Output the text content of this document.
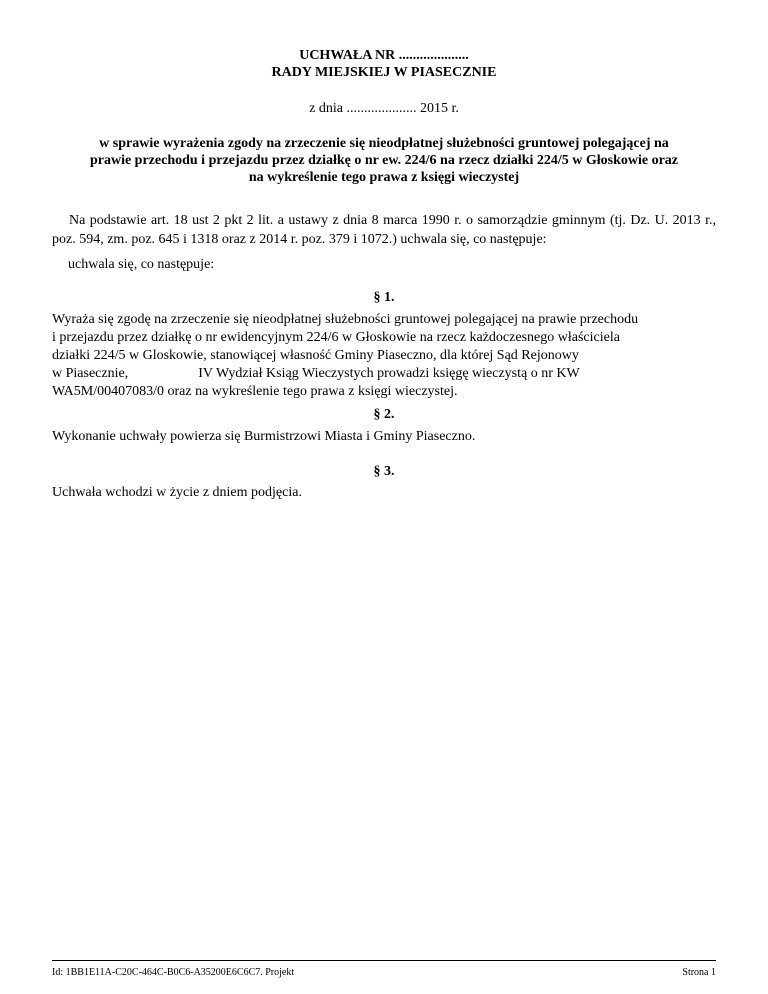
UCHWAŁA NR ....................
RADY MIEJSKIEJ W PIASECZNIE
z dnia .................... 2015 r.
w sprawie wyrażenia zgody na zrzeczenie się nieodpłatnej służebności gruntowej polegającej na
prawie przechodu i przejazdu przez działkę o nr ew. 224/6 na rzecz działki 224/5 w Głoskowie oraz
na wykreślenie tego prawa z księgi wieczystej
Na podstawie art. 18 ust 2 pkt 2 lit. a ustawy z dnia 8 marca 1990 r. o samorządzie gminnym (tj. Dz. U. 2013 r., poz. 594, zm. poz. 645 i 1318 oraz z 2014 r. poz. 379 i 1072.) uchwala się, co następuje:
uchwala się, co następuje:
§ 1.
Wyraża się zgodę na zrzeczenie się nieodpłatnej służebności gruntowej polegającej na prawie przechodu
i przejazdu przez działkę o nr ewidencyjnym 224/6 w Głoskowie na rzecz każdoczesnego właściciela
działki 224/5 w Gloskowie, stanowiącej własność Gminy Piaseczno, dla której Sąd Rejonowy
w Piasecznie,                    IV Wydział Ksiąg Wieczystych prowadzi księgę wieczystą o nr KW
WA5M/00407083/0 oraz na wykreślenie tego prawa z księgi wieczystej.
§ 2.
Wykonanie uchwały powierza się Burmistrzowi Miasta i Gminy Piaseczno.
§ 3.
Uchwała wchodzi w życie z dniem podjęcia.
Id: 1BB1E11A-C20C-464C-B0C6-A35200E6C6C7. Projekt	Strona 1
